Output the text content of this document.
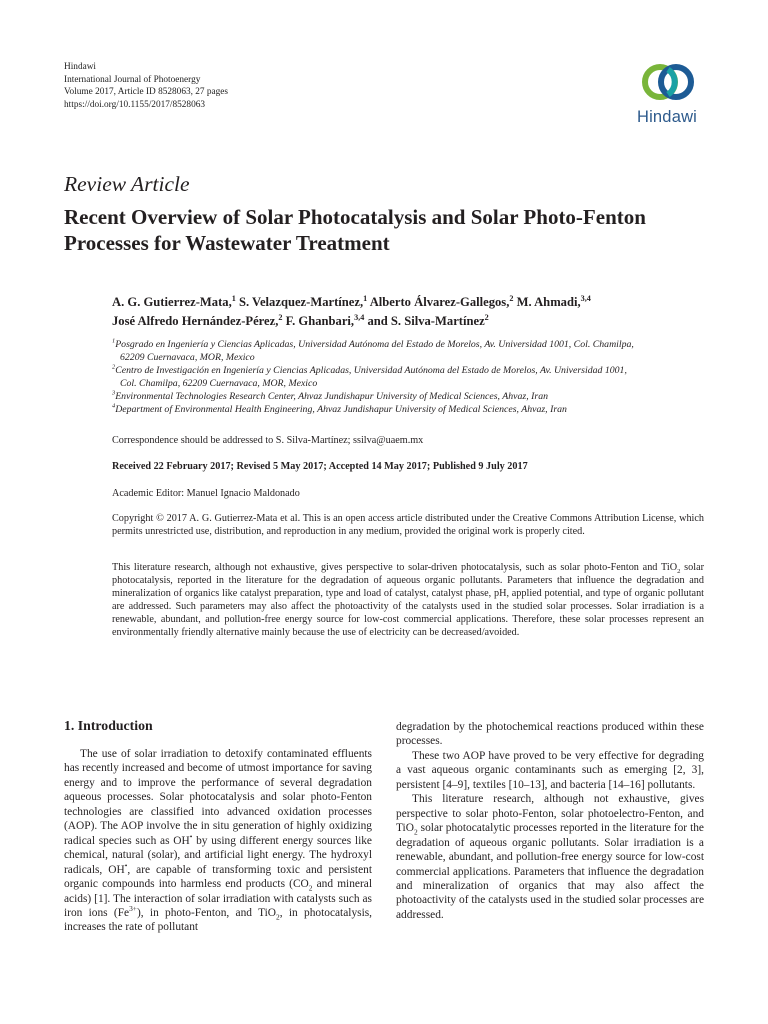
Hindawi
International Journal of Photoenergy
Volume 2017, Article ID 8528063, 27 pages
https://doi.org/10.1155/2017/8528063
Hindawi
Review Article
Recent Overview of Solar Photocatalysis and Solar Photo-Fenton
Processes for Wastewater Treatment
A. G. Gutierrez-Mata,$^1$ S. Velazquez-Martínez,$^1$ Alberto Álvarez-Gallegos,$^2$ M. Ahmadi,$^{3,4}$
José Alfredo Hernández-Pérez,$^2$ F. Ghanbari,$^{3,4}$ and S. Silva-Martínez$^2$
$^1$Posgrado en Ingeniería y Ciencias Aplicadas, Universidad Autónoma del Estado de Morelos, Av. Universidad 1001, Col. Chamilpa,
62209 Cuernavaca, MOR, Mexico
$^2$Centro de Investigación en Ingeniería y Ciencias Aplicadas, Universidad Autónoma del Estado de Morelos, Av. Universidad 1001,
Col. Chamilpa, 62209 Cuernavaca, MOR, Mexico
$^3$Environmental Technologies Research Center, Ahvaz Jundishapur University of Medical Sciences, Ahvaz, Iran
$^4$Department of Environmental Health Engineering, Ahvaz Jundishapur University of Medical Sciences, Ahvaz, Iran
Correspondence should be addressed to S. Silva-Martínez; ssilva@uaem.mx
Received 22 February 2017; Revised 5 May 2017; Accepted 14 May 2017; Published 9 July 2017
Academic Editor: Manuel Ignacio Maldonado
Copyright © 2017 A. G. Gutierrez-Mata et al. This is an open access article distributed under the Creative Commons Attribution License, which permits unrestricted use, distribution, and reproduction in any medium, provided the original work is properly cited.
This literature research, although not exhaustive, gives perspective to solar-driven photocatalysis, such as solar photo-Fenton and TiO$_2$ solar photocatalysis, reported in the literature for the degradation of aqueous organic pollutants. Parameters that influence the degradation and mineralization of organics like catalyst preparation, type and load of catalyst, catalyst phase, pH, applied potential, and type of organic pollutant are addressed. Such parameters may also affect the photoactivity of the catalysts used in the studied solar processes. Solar irradiation is a renewable, abundant, and pollution-free energy source for low-cost commercial applications. Therefore, these solar processes represent an environmentally friendly alternative mainly because the use of electricity can be decreased/avoided.
1. Introduction

The use of solar irradiation to detoxify contaminated effluents has recently increased and become of utmost importance for saving energy and to improve the performance of several degradation aqueous processes. Solar photocatalysis and solar photo-Fenton technologies are classified into advanced oxidation processes (AOP). The AOP involve the in situ generation of highly oxidizing radical species such as OH• by using different energy sources like chemical, natural (solar), and artificial light energy. The hydroxyl radicals, OH•, are capable of transforming toxic and persistent organic compounds into harmless end products ($CO_2$ and mineral acids) [1]. The interaction of solar irradiation with catalysts such as iron ions $(Fe^{3+})$, in photo-Fenton, and TiO$_2$, in photocatalysis, increases the rate of pollutant

degradation by the photochemical reactions produced within these processes.

These two AOP have proved to be very effective for degrading a vast aqueous organic contaminants such as emerging [2, 3], persistent [4–9], textiles [10–13], and bacteria [14–16] pollutants.

This literature research, although not exhaustive, gives perspective to solar photo-Fenton, solar photoelectro-Fenton, and TiO$_2$ solar photocatalytic processes reported in the literature for the degradation of aqueous organic pollutants. Solar irradiation is a renewable, abundant, and pollution-free energy source for low-cost commercial applications. Parameters that influence the degradation and mineralization of organics that may also affect the photoactivity of the catalysts used in the studied solar processes are addressed.
